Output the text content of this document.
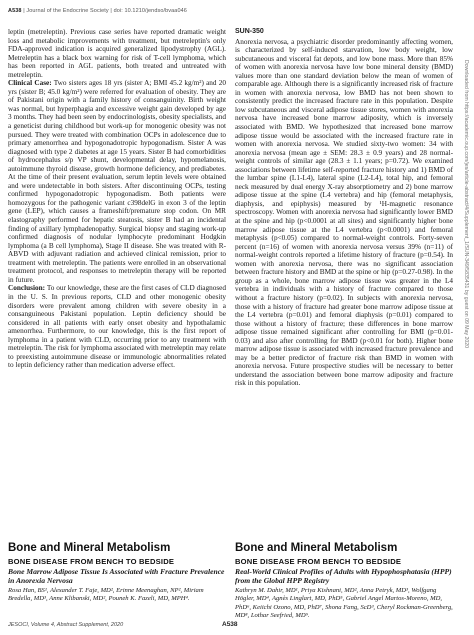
A538 | Journal of the Endocrine Society | doi: 10.1210/jendso/bvaa046

leptin (metreleptin). Previous case series have reported dramatic weight loss and metabolic improvements with treatment, but metreleptin's only FDA-approved indication is acquired generalized lipodystrophy (AGL). Metreleptin has a black box warning for risk of T-cell lymphoma, which has been reported in AGL patients, both treated and untreated with metreleptin.

Clinical Case: Two sisters ages 18 yrs (sister A; BMI 45.2 kg/m²) and 20 yrs (sister B; 45.0 kg/m²) were referred for evaluation of obesity. They are of Pakistani origin with a family history of consanguinity. Birth weight was normal, but hyperphagia and excessive weight gain developed by age 3 months. They had been seen by endocrinologists, obesity specialists, and a geneticist during childhood but work-up for monogenic obesity was not pursued. They were treated with combination OCPs in adolescence due to primary amenorrhea and hypogonadotropic hypogonadism. Sister A was diagnosed with type 2 diabetes at age 15 years. Sister B had comorbidities of hydrocephalus s/p VP shunt, developmental delay, hypomelanosis, autoimmune thyroid disease, growth hormone deficiency, and prediabetes. At the time of their present evaluation, serum leptin levels were obtained and were undetectable in both sisters. After discontinuing OCPs, testing confirmed hypogonadotropic hypogonadism. Both patients were homozygous for the pathogenic variant c398delG in exon 3 of the leptin gene (LEP), which causes a frameshift/premature stop codon. On MR elastography performed for hepatic steatosis, sister B had an incidental finding of axillary lymphadenopathy. Surgical biopsy and staging work-up confirmed diagnosis of nodular lymphocyte predominant Hodgkin lymphoma (a B cell lymphoma), Stage II disease. She was treated with R-ABVD with adjuvant radiation and achieved clinical remission, prior to treatment with metreleptin. The patients were enrolled in an observational treatment protocol, and responses to metreleptin therapy will be reported in future.

Conclusion: To our knowledge, these are the first cases of CLD diagnosed in the U. S. In previous reports, CLD and other monogenic obesity disorders were prevalent among children with severe obesity in a consanguineous Pakistani population. Leptin deficiency should be considered in all patients with early onset obesity and hypothalamic amenorrhea. Furthermore, to our knowledge, this is the first report of lymphoma in a patient with CLD, occurring prior to any treatment with metreleptin. The risk for lymphoma associated with metreleptin may relate to preexisting autoimmune disease or immunologic abnormalities related to leptin deficiency rather than medication adverse effect.

SUN-350

Anorexia nervosa, a psychiatric disorder predominantly affecting women, is characterized by self-induced starvation, low body weight, low subcutaneous and visceral fat depots, and low bone mass. More than 85% of women with anorexia nervosa have low bone mineral density (BMD) values more than one standard deviation below the mean of women of comparable age. Although there is a significantly increased risk of fracture in women with anorexia nervosa, low BMD has not been shown to consistently predict the increased fracture rate in this population. Despite low subcutaneous and visceral adipose tissue stores, women with anorexia nervosa have increased bone marrow adiposity, which is inversely associated with BMD. We hypothesized that increased bone marrow adipose tissue would be associated with the increased fracture rate in women with anorexia nervosa. We studied sixty-two women: 34 with anorexia nervosa (mean age ± SEM: 28.3 ± 0.9 years) and 28 normal-weight controls of similar age (28.3 ± 1.1 years; p=0.72). We examined associations between lifetime self-reported fracture history and 1) BMD of the lumbar spine (L1-L4), lateral spine (L2-L4), total hip, and femoral neck measured by dual energy X-ray absorptiometry and 2) bone marrow adipose tissue at the spine (L4 vertebra) and hip (femoral metaphysis, diaphysis, and epiphysis) measured by ¹H-magnetic resonance spectroscopy. Women with anorexia nervosa had significantly lower BMD at the spine and hip (p<0.0001 at all sites) and significantly higher bone marrow adipose tissue at the L4 vertebra (p<0.0001) and femoral metaphysis (p<0.05) compared to normal-weight controls. Forty-seven percent (n=16) of women with anorexia nervosa versus 39% (n=11) of normal-weight controls reported a lifetime history of fracture (p=0.54). In women with anorexia nervosa, there was no significant association between fracture history and BMD at the spine or hip (p=0.27-0.98). In the group as a whole, bone marrow adipose tissue was greater in the L4 vertebra in individuals with a history of fracture compared to those without a fracture history (p=0.02). In subjects with anorexia nervosa, those with a history of fracture had greater bone marrow adipose tissue at the L4 vertebra (p=0.01) and femoral diaphysis (p=0.01) compared to those without a history of fracture; these differences in bone marrow adipose tissue remained significant after controlling for BMI (p=0.01-0.03) and also after controlling for BMD (p<0.01 for both). Higher bone marrow adipose tissue is associated with increased fracture prevalence and may be a better predictor of fracture risk than BMD in women with anorexia nervosa. Future prospective studies will be necessary to better understand the association between bone marrow adiposity and fracture risk in this population.

Bone and Mineral Metabolism
BONE DISEASE FROM BENCH TO BEDSIDE
Bone Marrow Adipose Tissue Is Associated with Fracture Prevalence in Anorexia Nervosa
Rosa Han, BS¹, Alexander T. Faje, MD², Erinne Meenaghan, NP², Miriam Bredella, MD³, Anne Klibanski, MD², Pouneh K. Fazeli, MD, MPH⁴.
Bone and Mineral Metabolism
BONE DISEASE FROM BENCH TO BEDSIDE
Real-World Clinical Profiles of Adults with Hypophosphatasia (HPP) from the Global HPP Registry
Kathryn M. Dahir, MD¹, Priya Kishnani, MD², Anna Petryk, MD³, Wolfgang Högler, MD⁴, Agnès Linglart, MD, PhD⁵, Gabriel Angel Martos-Moreno, MD, PhD⁶, Keiichi Ozono, MD, PhD⁷, Shona Fang, ScD³, Cheryl Rockman-Greenberg, MD⁸, Lothar Seefried, MD⁹.
JESOCI, Volume 4, Abstract Supplement, 2020	A538
Downloaded from https://academic.oup.com/jes/article-abstract/4/Supplement_1/SUN-349/5835431 by guest on 09 May 2020
